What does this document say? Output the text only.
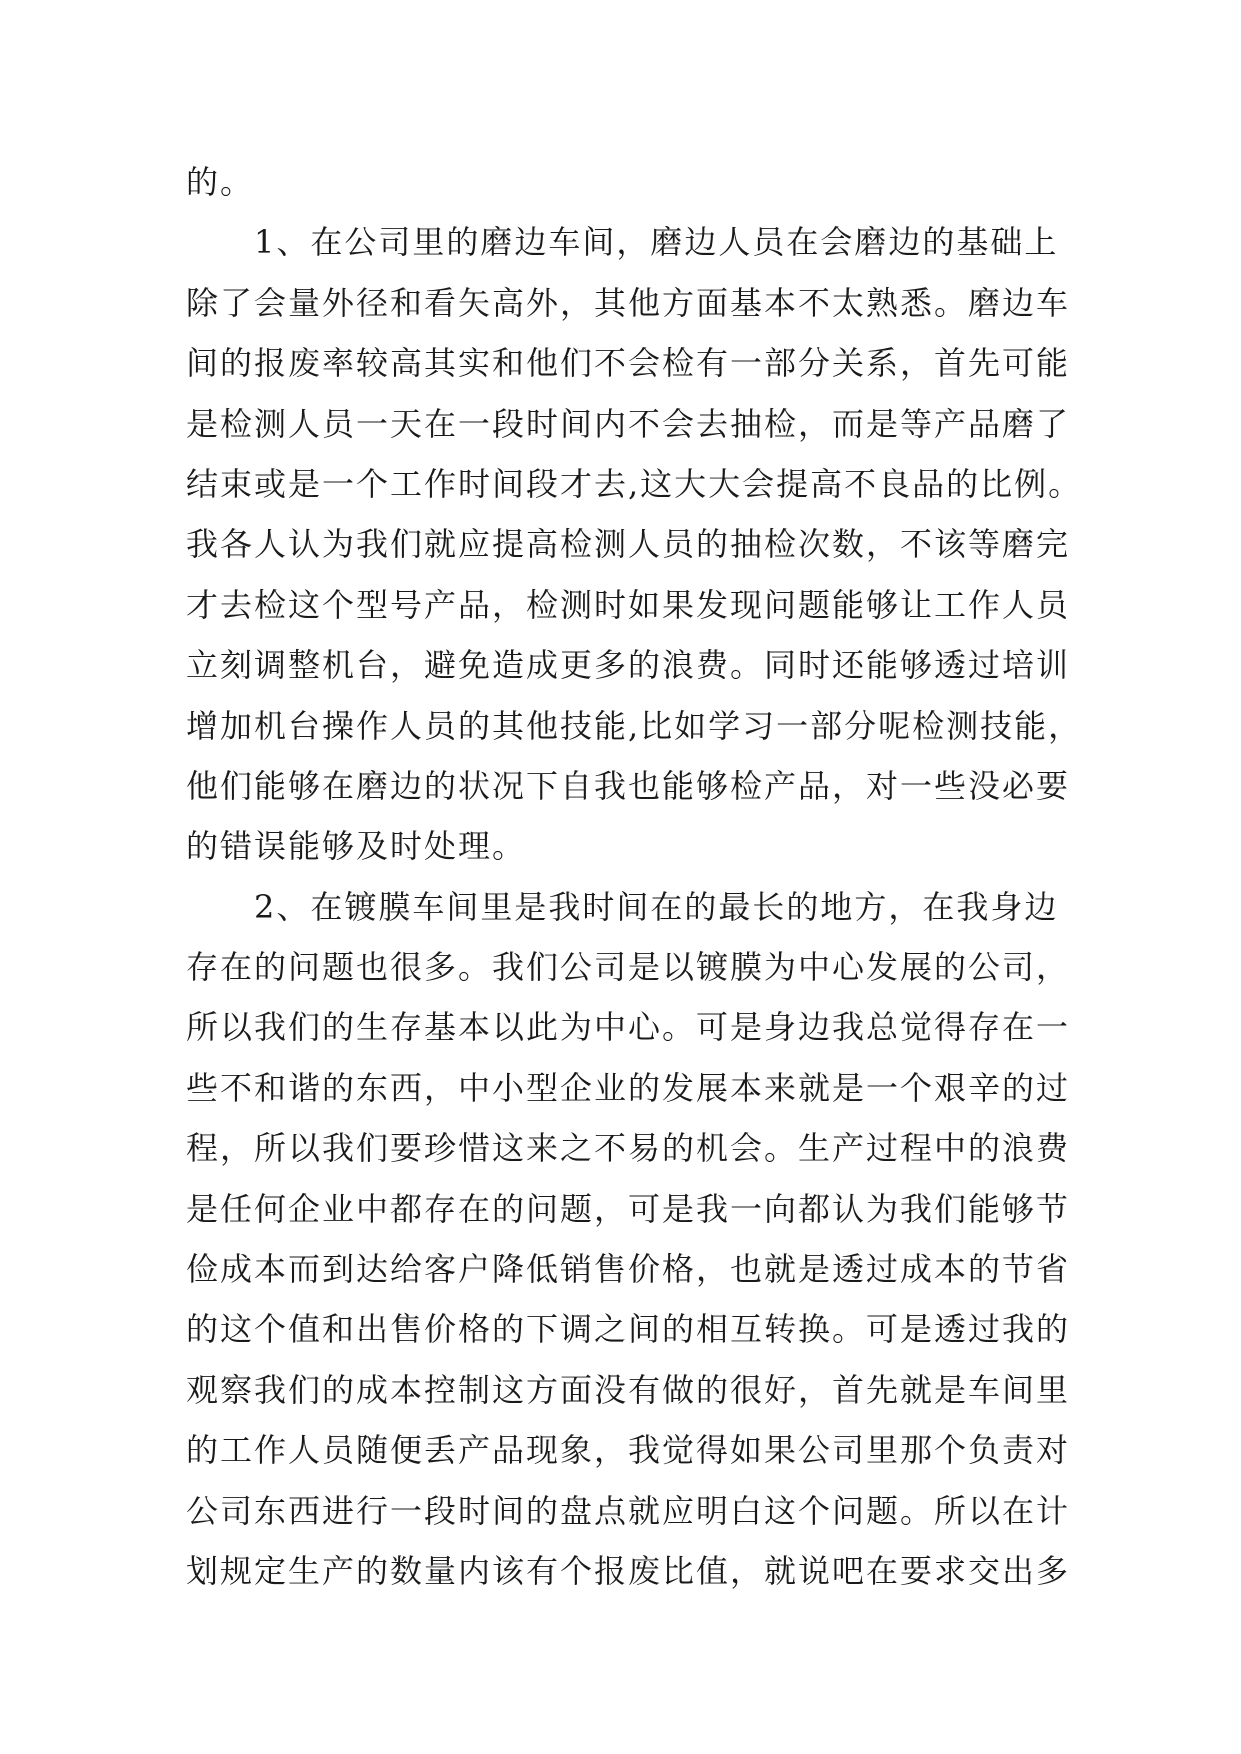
的。
1、在公司里的磨边车间，磨边人员在会磨边的基础上
除了会量外径和看矢高外，其他方面基本不太熟悉。磨边车
间的报废率较高其实和他们不会检有一部分关系，首先可能
是检测人员一天在一段时间内不会去抽检，而是等产品磨了
结束或是一个工作时间段才去,这大大会提高不良品的比例。
我各人认为我们就应提高检测人员的抽检次数，不该等磨完
才去检这个型号产品，检测时如果发现问题能够让工作人员
立刻调整机台，避免造成更多的浪费。同时还能够透过培训
增加机台操作人员的其他技能,比如学习一部分呢检测技能，
他们能够在磨边的状况下自我也能够检产品，对一些没必要
的错误能够及时处理。
2、在镀膜车间里是我时间在的最长的地方，在我身边
存在的问题也很多。我们公司是以镀膜为中心发展的公司，
所以我们的生存基本以此为中心。可是身边我总觉得存在一
些不和谐的东西，中小型企业的发展本来就是一个艰辛的过
程，所以我们要珍惜这来之不易的机会。生产过程中的浪费
是任何企业中都存在的问题，可是我一向都认为我们能够节
俭成本而到达给客户降低销售价格，也就是透过成本的节省
的这个值和出售价格的下调之间的相互转换。可是透过我的
观察我们的成本控制这方面没有做的很好，首先就是车间里
的工作人员随便丢产品现象，我觉得如果公司里那个负责对
公司东西进行一段时间的盘点就应明白这个问题。所以在计
划规定生产的数量内该有个报废比值，就说吧在要求交出多
